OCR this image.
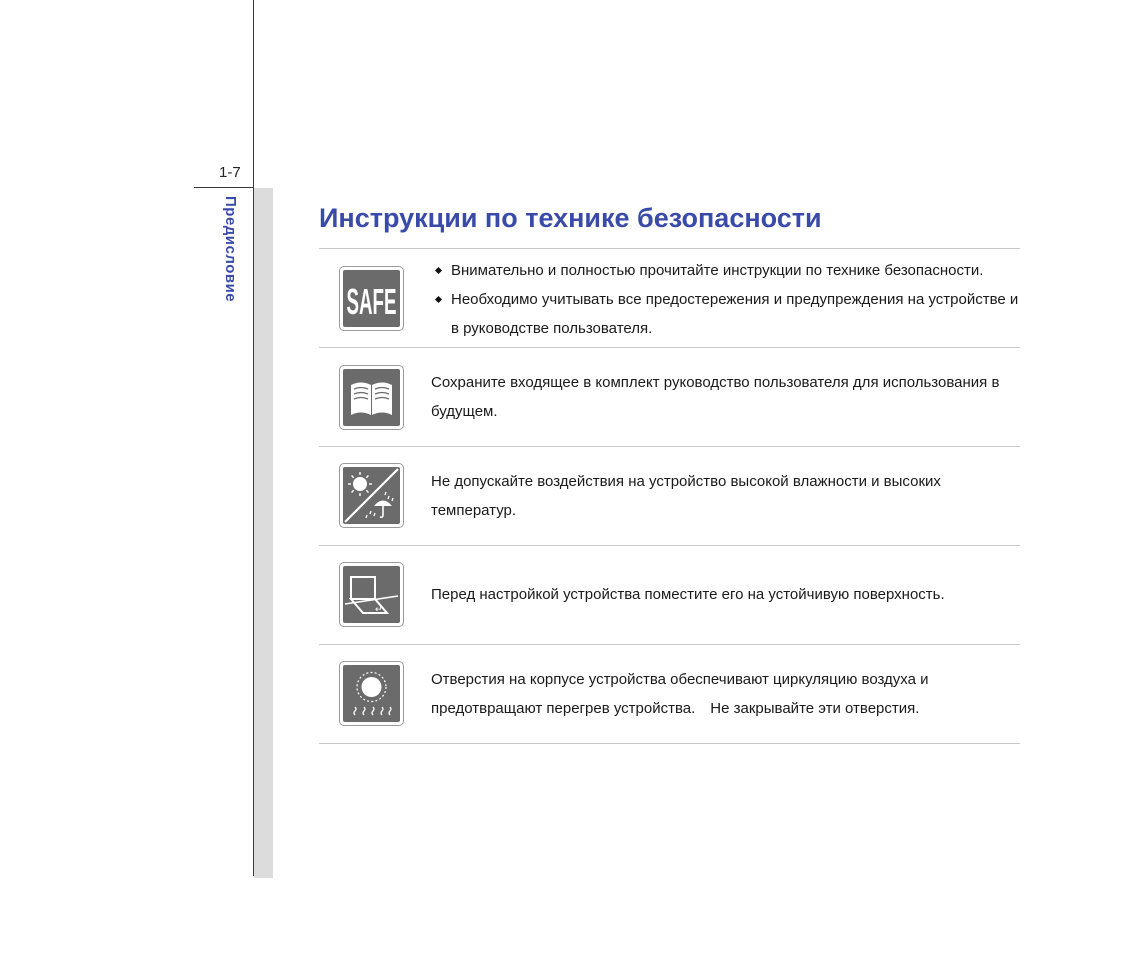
1-7
Предисловие	Инструкции по технике безопасности
SAFE
Внимательно и полностью прочитайте инструкции по технике безопасности.
Необходимо учитывать все предостережения и предупреждения на устройстве и в руководстве пользователя.
Сохраните входящее в комплект руководство пользователя для использования в будущем.
Не допускайте воздействия на устройство высокой влажности и высоких температур.
↵
Перед настройкой устройства поместите его на устойчивую поверхность.
Отверстия на корпусе устройства обеспечивают циркуляцию воздуха и предотвращают перегрев устройства.　Не закрывайте эти отверстия.
